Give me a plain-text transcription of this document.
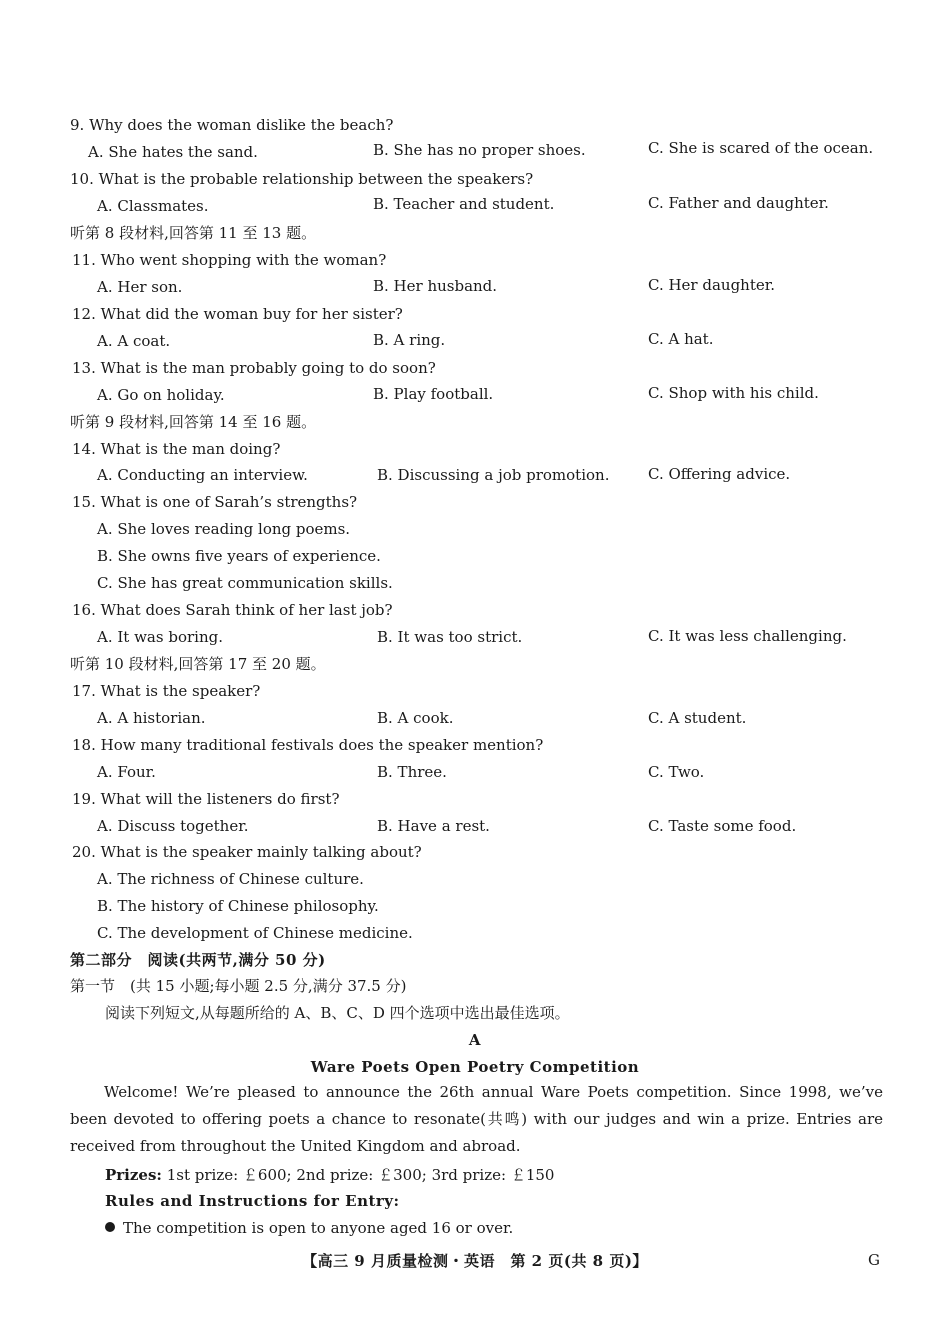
9. Why does the woman dislike the beach?
A. She hates the sand.	B. She has no proper shoes.	C. She is scared of the ocean.
10. What is the probable relationship between the speakers?
A. Classmates.	B. Teacher and student.	C. Father and daughter.
听第 8 段材料,回答第 11 至 13 题。
11. Who went shopping with the woman?
A. Her son.	B. Her husband.	C. Her daughter.
12. What did the woman buy for her sister?
A. A coat.	B. A ring.	C. A hat.
13. What is the man probably going to do soon?
A. Go on holiday.	B. Play football.	C. Shop with his child.
听第 9 段材料,回答第 14 至 16 题。
14. What is the man doing?
A. Conducting an interview.	B. Discussing a job promotion.	C. Offering advice.
15. What is one of Sarah’s strengths?
A. She loves reading long poems.
B. She owns five years of experience.
C. She has great communication skills.
16. What does Sarah think of her last job?
A. It was boring.	B. It was too strict.	C. It was less challenging.
听第 10 段材料,回答第 17 至 20 题。
17. What is the speaker?
A. A historian.	B. A cook.	C. A student.
18. How many traditional festivals does the speaker mention?
A. Four.	B. Three.	C. Two.
19. What will the listeners do first?
A. Discuss together.	B. Have a rest.	C. Taste some food.
20. What is the speaker mainly talking about?
A. The richness of Chinese culture.
B. The history of Chinese philosophy.
C. The development of Chinese medicine.
第二部分　阅读(共两节,满分 50 分)
第一节　(共 15 小题;每小题 2.5 分,满分 37.5 分)
阅读下列短文,从每题所给的 A、B、C、D 四个选项中选出最佳选项。
A
Ware Poets Open Poetry Competition
Welcome! We’re pleased to announce the 26th annual Ware Poets competition. Since 1998, we’ve been devoted to offering poets a chance to resonate(共鸣) with our judges and win a prize. Entries are received from throughout the United Kingdom and abroad.
Prizes: 1st prize: ￡600; 2nd prize: ￡300; 3rd prize: ￡150
Rules and Instructions for Entry:
The competition is open to anyone aged 16 or over.
【高三 9 月质量检测・英语　第 2 页(共 8 页)】	G
